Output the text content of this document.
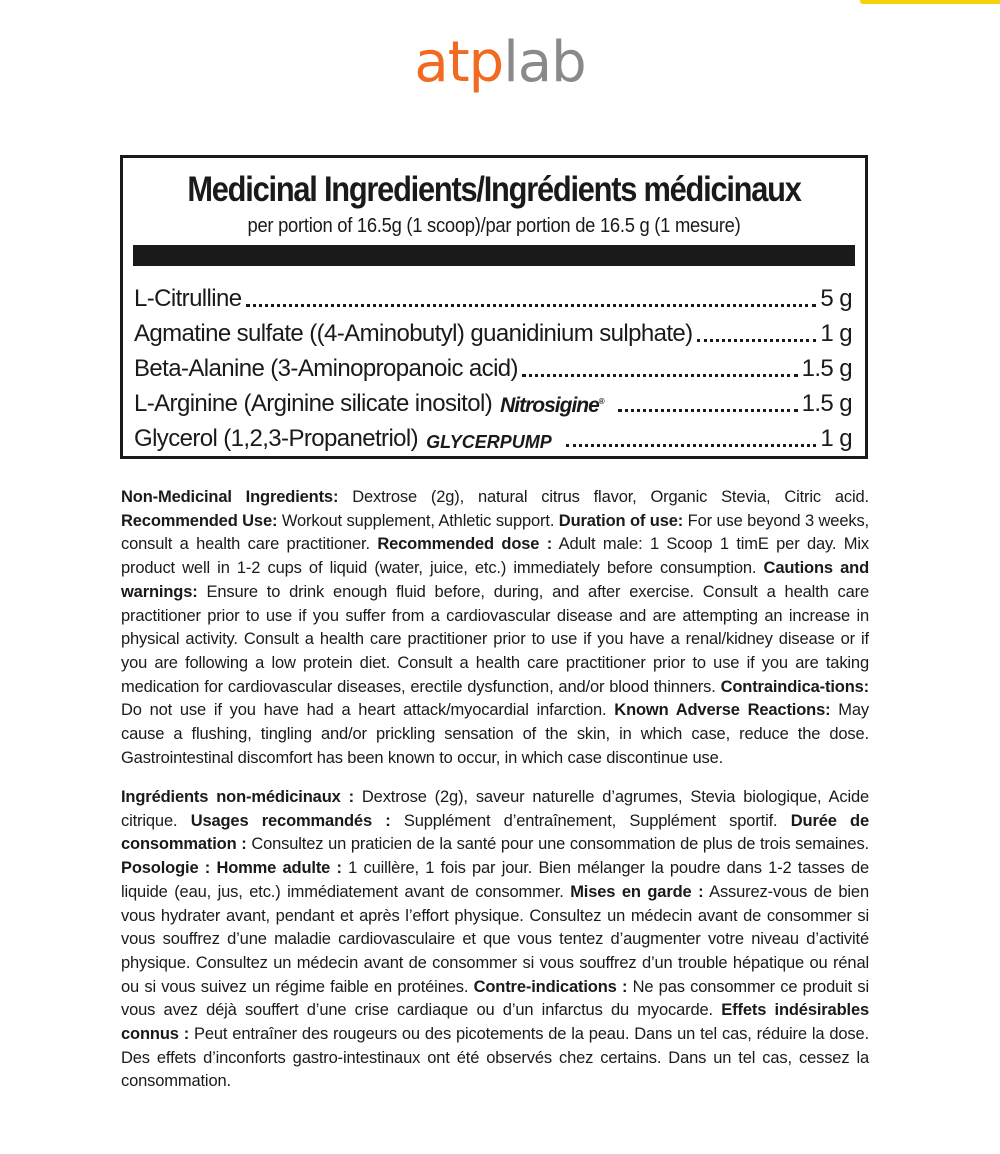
atplab
Medicinal Ingredients/Ingrédients médicinaux
per portion of 16.5g (1 scoop)/par portion de 16.5 g (1 mesure)
L-Citrulline	5 g
Agmatine sulfate ((4-Aminobutyl) guanidinium sulphate)	1 g
Beta-Alanine (3-Aminopropanoic acid)	1.5 g
L-Arginine (Arginine silicate inositol) Nitrosigine®	1.5 g
Glycerol (1,2,3-Propanetriol) GLYCERPUMP	1 g
Non-Medicinal Ingredients: Dextrose (2g), natural citrus flavor, Organic Stevia, Citric acid. Recommended Use: Workout supplement, Athletic support. Duration of use: For use beyond 3 weeks, consult a health care practitioner. Recommended dose : Adult male: 1 Scoop 1 timE per day. Mix product well in 1-2 cups of liquid (water, juice, etc.) immediately before consumption. Cautions and warnings: Ensure to drink enough fluid before, during, and after exercise. Consult a health care practitioner prior to use if you suffer from a cardiovascular disease and are attempting an increase in physical activity. Consult a health care practitioner prior to use if you have a renal/kidney disease or if you are following a low protein diet. Consult a health care practitioner prior to use if you are taking medication for cardiovascular diseases, erectile dysfunction, and/or blood thinners. Contraindica-tions: Do not use if you have had a heart attack/myocardial infarction. Known Adverse Reactions: May cause a flushing, tingling and/or prickling sensation of the skin, in which case, reduce the dose. Gastrointestinal discomfort has been known to occur, in which case discontinue use.
Ingrédients non-médicinaux : Dextrose (2g), saveur naturelle d’agrumes, Stevia biologique, Acide citrique. Usages recommandés : Supplément d’entraînement, Supplément sportif. Durée de consommation : Consultez un praticien de la santé pour une consommation de plus de trois semaines. Posologie : Homme adulte : 1 cuillère, 1 fois par jour. Bien mélanger la poudre dans 1-2 tasses de liquide (eau, jus, etc.) immédiatement avant de consommer. Mises en garde : Assurez-vous de bien vous hydrater avant, pendant et après l’effort physique. Consultez un médecin avant de consommer si vous souffrez d’une maladie cardiovasculaire et que vous tentez d’augmenter votre niveau d’activité physique. Consultez un médecin avant de consommer si vous souffrez d’un trouble hépatique ou rénal ou si vous suivez un régime faible en protéines. Contre-indications : Ne pas consommer ce produit si vous avez déjà souffert d’une crise cardiaque ou d’un infarctus du myocarde. Effets indésirables connus : Peut entraîner des rougeurs ou des picotements de la peau. Dans un tel cas, réduire la dose. Des effets d’inconforts gastro-intestinaux ont été observés chez certains. Dans un tel cas, cessez la consommation.
